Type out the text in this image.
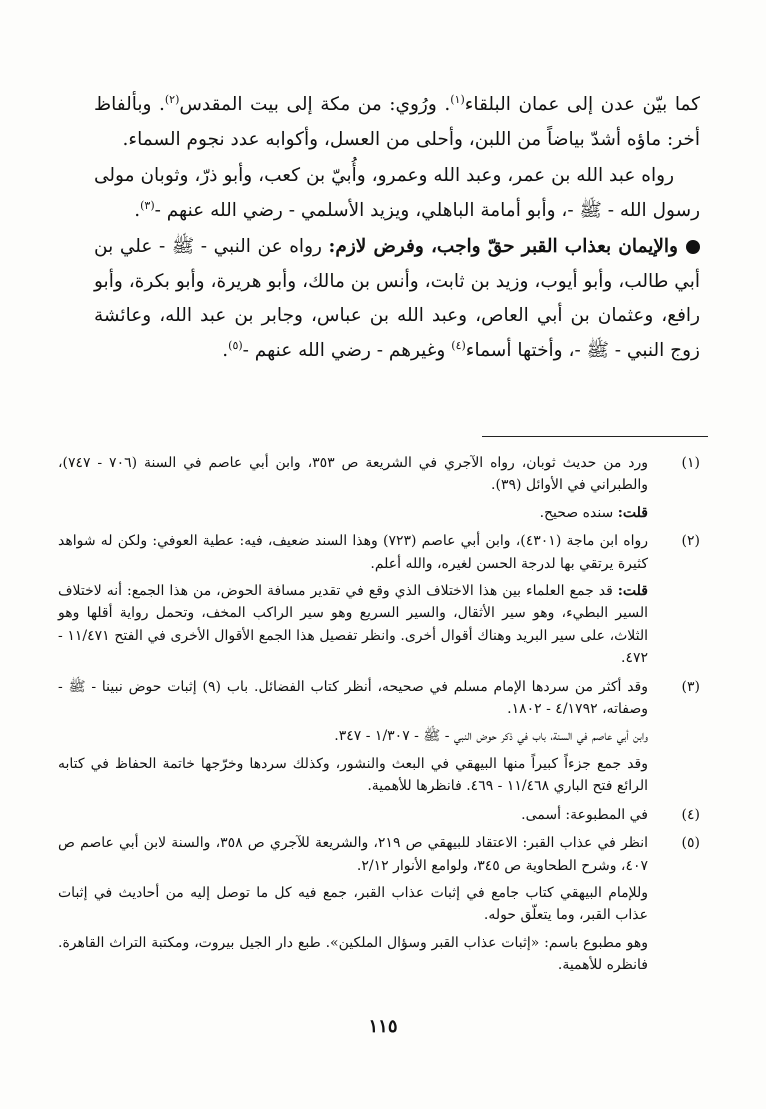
كما بيّن عدن إلى عمان البلقاء$^{(١)}$. ورُوي: من مكة إلى بيت المقدس$^{(٢)}$. وبألفاظ أخر: ماؤه أشدّ بياضاً من اللبن، وأحلى من العسل، وأكوابه عدد نجوم السماء.

رواه عبد الله بن عمر، وعبد الله وعمرو، وأُبيّ بن كعب، وأبو ذرّ، وثوبان مولى رسول الله - ﷺ -، وأبو أمامة الباهلي، ويزيد الأسلمي - رضي الله عنهم -$^{(٣)}$.

والإيمان بعذاب القبر حقّ واجب، وفرض لازم: رواه عن النبي - ﷺ - علي بن أبي طالب، وأبو أيوب، وزيد بن ثابت، وأنس بن مالك، وأبو هريرة، وأبو بكرة، وأبو رافع، وعثمان بن أبي العاص، وعبد الله بن عباس، وجابر بن عبد الله، وعائشة زوج النبي - ﷺ -، وأختها أسماء$^{(٤)}$ وغيرهم - رضي الله عنهم -$^{(٥)}$.

(١)

ورد من حديث ثوبان، رواه الآجري في الشريعة ص ٣٥٣، وابن أبي عاصم في السنة (٧٠٦ - ٧٤٧)، والطبراني في الأوائل (٣٩).

قلت: سنده صحيح.

(٢)

رواه ابن ماجة (٤٣٠١)، وابن أبي عاصم (٧٢٣) وهذا السند ضعيف، فيه: عطية العوفي: ولكن له شواهد كثيرة يرتقي بها لدرجة الحسن لغيره، والله أعلم.

قلت: قد جمع العلماء بين هذا الاختلاف الذي وقع في تقدير مسافة الحوض، من هذا الجمع: أنه لاختلاف السير البطيء، وهو سير الأثقال، والسير السريع وهو سير الراكب المخف، وتحمل رواية أقلها وهو الثلاث، على سير البريد وهناك أقوال أخرى. وانظر تفصيل هذا الجمع الأقوال الأخرى في الفتح ١١/٤٧١ - ٤٧٢.

(٣)

وقد أكثر من سردها الإمام مسلم في صحيحه، أنظر كتاب الفضائل. باب (٩) إثبات حوض نبينا - ﷺ - وصفاته، ٤/١٧٩٢ - ١٨٠٢.

وابن أبي عاصم في السنة، باب في ذكر حوض النبي - ﷺ - ١/٣٠٧ - ٣٤٧.

وقد جمع جزءاً كبيراً منها البيهقي في البعث والنشور، وكذلك سردها وخرّجها خاتمة الحفاظ في كتابه الرائع فتح الباري ١١/٤٦٨ - ٤٦٩. فانظرها للأهمية.

(٤)

في المطبوعة: أسمى.

(٥)

انظر في عذاب القبر: الاعتقاد للبيهقي ص ٢١٩، والشريعة للآجري ص ٣٥٨، والسنة لابن أبي عاصم ص ٤٠٧، وشرح الطحاوية ص ٣٤٥، ولوامع الأنوار ٢/١٢.

وللإمام البيهقي كتاب جامع في إثبات عذاب القبر، جمع فيه كل ما توصل إليه من أحاديث في إثبات عذاب القبر، وما يتعلّق حوله.

وهو مطبوع باسم: «إثبات عذاب القبر وسؤال الملكين». طبع دار الجيل بيروت، ومكتبة التراث القاهرة. فانظره للأهمية.

١١٥
